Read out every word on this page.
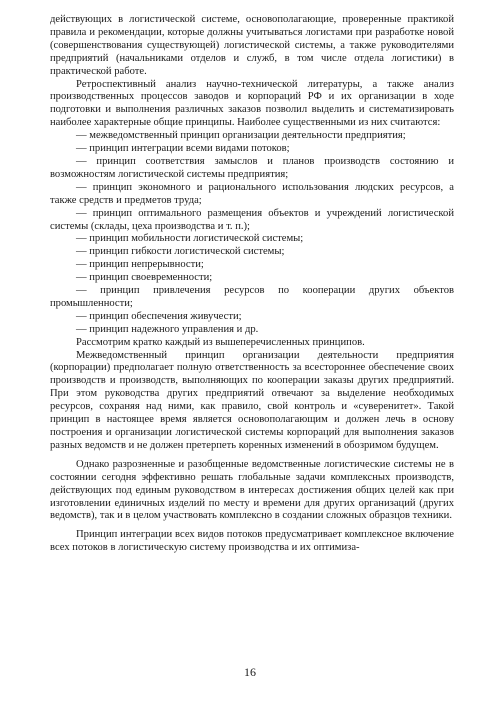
действующих в логистической системе, основополагающие, проверенные практикой правила и рекомендации, которые должны учитываться логистами при разработке новой (совершенствования существующей) логистической системы, а также руководителями предприятий (начальниками отделов и служб, в том числе отдела логистики) в практической работе.

Ретроспективный анализ научно-технической литературы, а также анализ производственных процессов заводов и корпораций РФ и их организации в ходе подготовки и выполнения различных заказов позволил выделить и систематизировать наиболее характерные общие принципы. Наиболее существенными из них считаются:

— межведомственный принцип организации деятельности предприятия;

— принцип интеграции всеми видами потоков;

— принцип соответствия замыслов и планов производств состоянию и возможностям логистической системы предприятия;

— принцип экономного и рационального использования людских ресурсов, а также средств и предметов труда;

— принцип оптимального размещения объектов и учреждений логистической системы (склады, цеха производства и т. п.);

— принцип мобильности логистической системы;

— принцип гибкости логистической системы;

— принцип непрерывности;

— принцип своевременности;

— принцип привлечения ресурсов по кооперации других объектов промышленности;

— принцип обеспечения живучести;

— принцип надежного управления и др.

Рассмотрим кратко каждый из вышеперечисленных принципов.

Межведомственный принцип организации деятельности предприятия (корпорации) предполагает полную ответственность за всестороннее обеспечение своих производств и производств, выполняющих по кооперации заказы других предприятий. При этом руководства других предприятий отвечают за выделение необходимых ресурсов, сохраняя над ними, как правило, свой контроль и «суверенитет». Такой принцип в настоящее время является основополагающим и должен лечь в основу построения и организации логистической системы корпораций для выполнения заказов разных ведомств и не должен претерпеть коренных изменений в обозримом будущем.

Однако разрозненные и разобщенные ведомственные логистические системы не в состоянии сегодня эффективно решать глобальные задачи комплексных производств, действующих под единым руководством в интересах достижения общих целей как при изготовлении единичных изделий по месту и времени для других организаций (других ведомств), так и в целом участвовать комплексно в создании сложных образцов техники.

Принцип интеграции всех видов потоков предусматривает комплексное включение всех потоков в логистическую систему производства и их оптимиза-

16
